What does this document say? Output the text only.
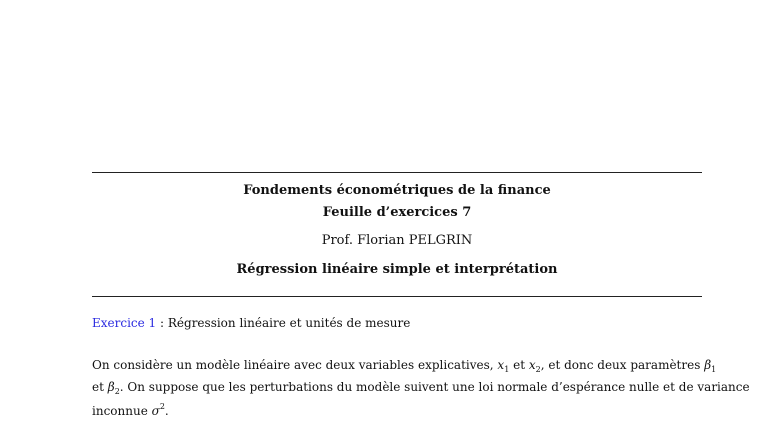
Fondements économétriques de la finance
Feuille d’exercices 7
Prof. Florian PELGRIN
Régression linéaire simple et interprétation
Exercice 1 : Régression linéaire et unités de mesure
On considère un modèle linéaire avec deux variables explicatives, $x_1$ et $x_2$, et donc deux paramètres $\beta_1$
et $\beta_2$. On suppose que les perturbations du modèle suivent une loi normale d’espérance nulle et de variance
inconnue $\sigma^2$.
